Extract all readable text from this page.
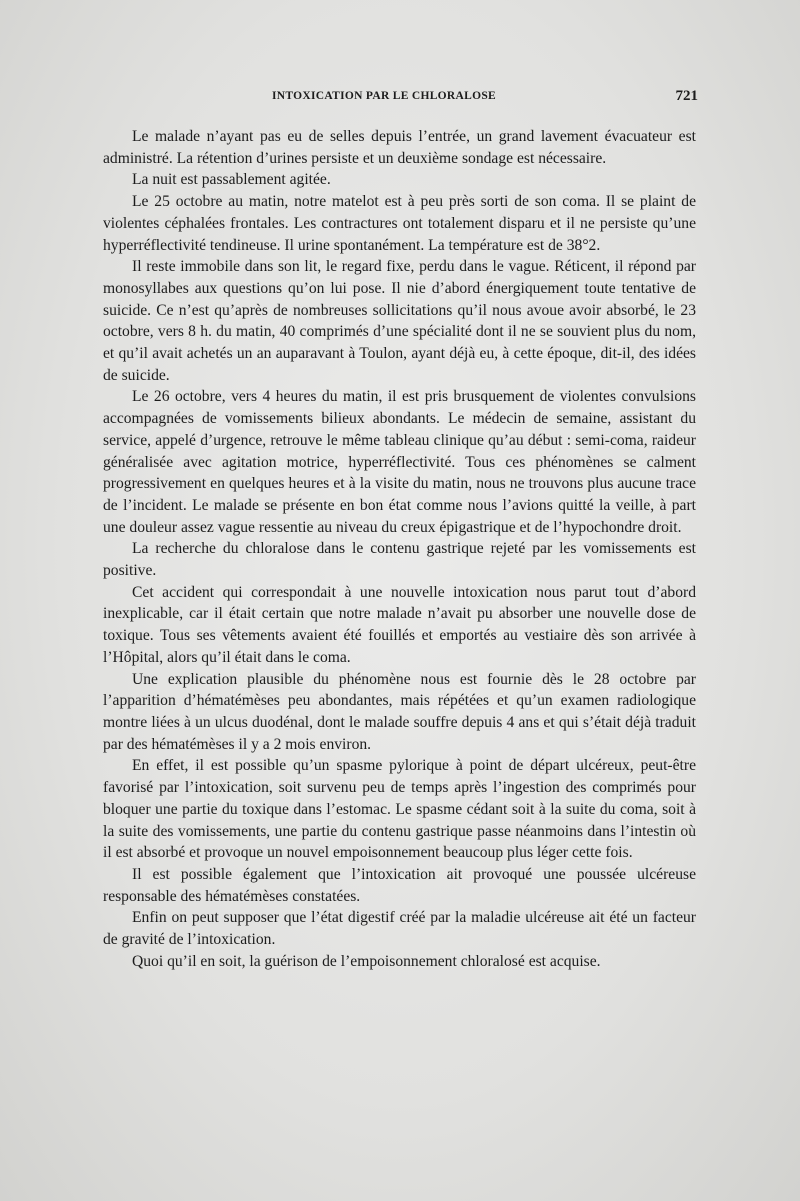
INTOXICATION PAR LE CHLORALOSE	721

Le malade n’ayant pas eu de selles depuis l’entrée, un grand lavement évacuateur est administré. La rétention d’urines persiste et un deuxième sondage est nécessaire.

La nuit est passablement agitée.

Le 25 octobre au matin, notre matelot est à peu près sorti de son coma. Il se plaint de violentes céphalées frontales. Les contractures ont totalement disparu et il ne persiste qu’une hyperréflectivité tendineuse. Il urine spontanément. La température est de 38°2.

Il reste immobile dans son lit, le regard fixe, perdu dans le vague. Réticent, il répond par monosyllabes aux questions qu’on lui pose. Il nie d’abord énergiquement toute tentative de suicide. Ce n’est qu’après de nombreuses sollicitations qu’il nous avoue avoir absorbé, le 23 octobre, vers 8 h. du matin, 40 comprimés d’une spécialité dont il ne se souvient plus du nom, et qu’il avait achetés un an auparavant à Toulon, ayant déjà eu, à cette époque, dit-il, des idées de suicide.

Le 26 octobre, vers 4 heures du matin, il est pris brusquement de violentes convulsions accompagnées de vomissements bilieux abondants. Le médecin de semaine, assistant du service, appelé d’urgence, retrouve le même tableau clinique qu’au début : semi-coma, raideur généralisée avec agitation motrice, hyperréflectivité. Tous ces phénomènes se calment progressivement en quelques heures et à la visite du matin, nous ne trouvons plus aucune trace de l’incident. Le malade se présente en bon état comme nous l’avions quitté la veille, à part une douleur assez vague ressentie au niveau du creux épigastrique et de l’hypochondre droit.

La recherche du chloralose dans le contenu gastrique rejeté par les vomissements est positive.

Cet accident qui correspondait à une nouvelle intoxication nous parut tout d’abord inexplicable, car il était certain que notre malade n’avait pu absorber une nouvelle dose de toxique. Tous ses vêtements avaient été fouillés et emportés au vestiaire dès son arrivée à l’Hôpital, alors qu’il était dans le coma.

Une explication plausible du phénomène nous est fournie dès le 28 octobre par l’apparition d’hématémèses peu abondantes, mais répétées et qu’un examen radiologique montre liées à un ulcus duodénal, dont le malade souffre depuis 4 ans et qui s’était déjà traduit par des hématémèses il y a 2 mois environ.

En effet, il est possible qu’un spasme pylorique à point de départ ulcéreux, peut-être favorisé par l’intoxication, soit survenu peu de temps après l’ingestion des comprimés pour bloquer une partie du toxique dans l’estomac. Le spasme cédant soit à la suite du coma, soit à la suite des vomissements, une partie du contenu gastrique passe néanmoins dans l’intestin où il est absorbé et provoque un nouvel empoisonnement beaucoup plus léger cette fois.

Il est possible également que l’intoxication ait provoqué une poussée ulcéreuse responsable des hématémèses constatées.

Enfin on peut supposer que l’état digestif créé par la maladie ulcéreuse ait été un facteur de gravité de l’intoxication.

Quoi qu’il en soit, la guérison de l’empoisonnement chloralosé est acquise.
